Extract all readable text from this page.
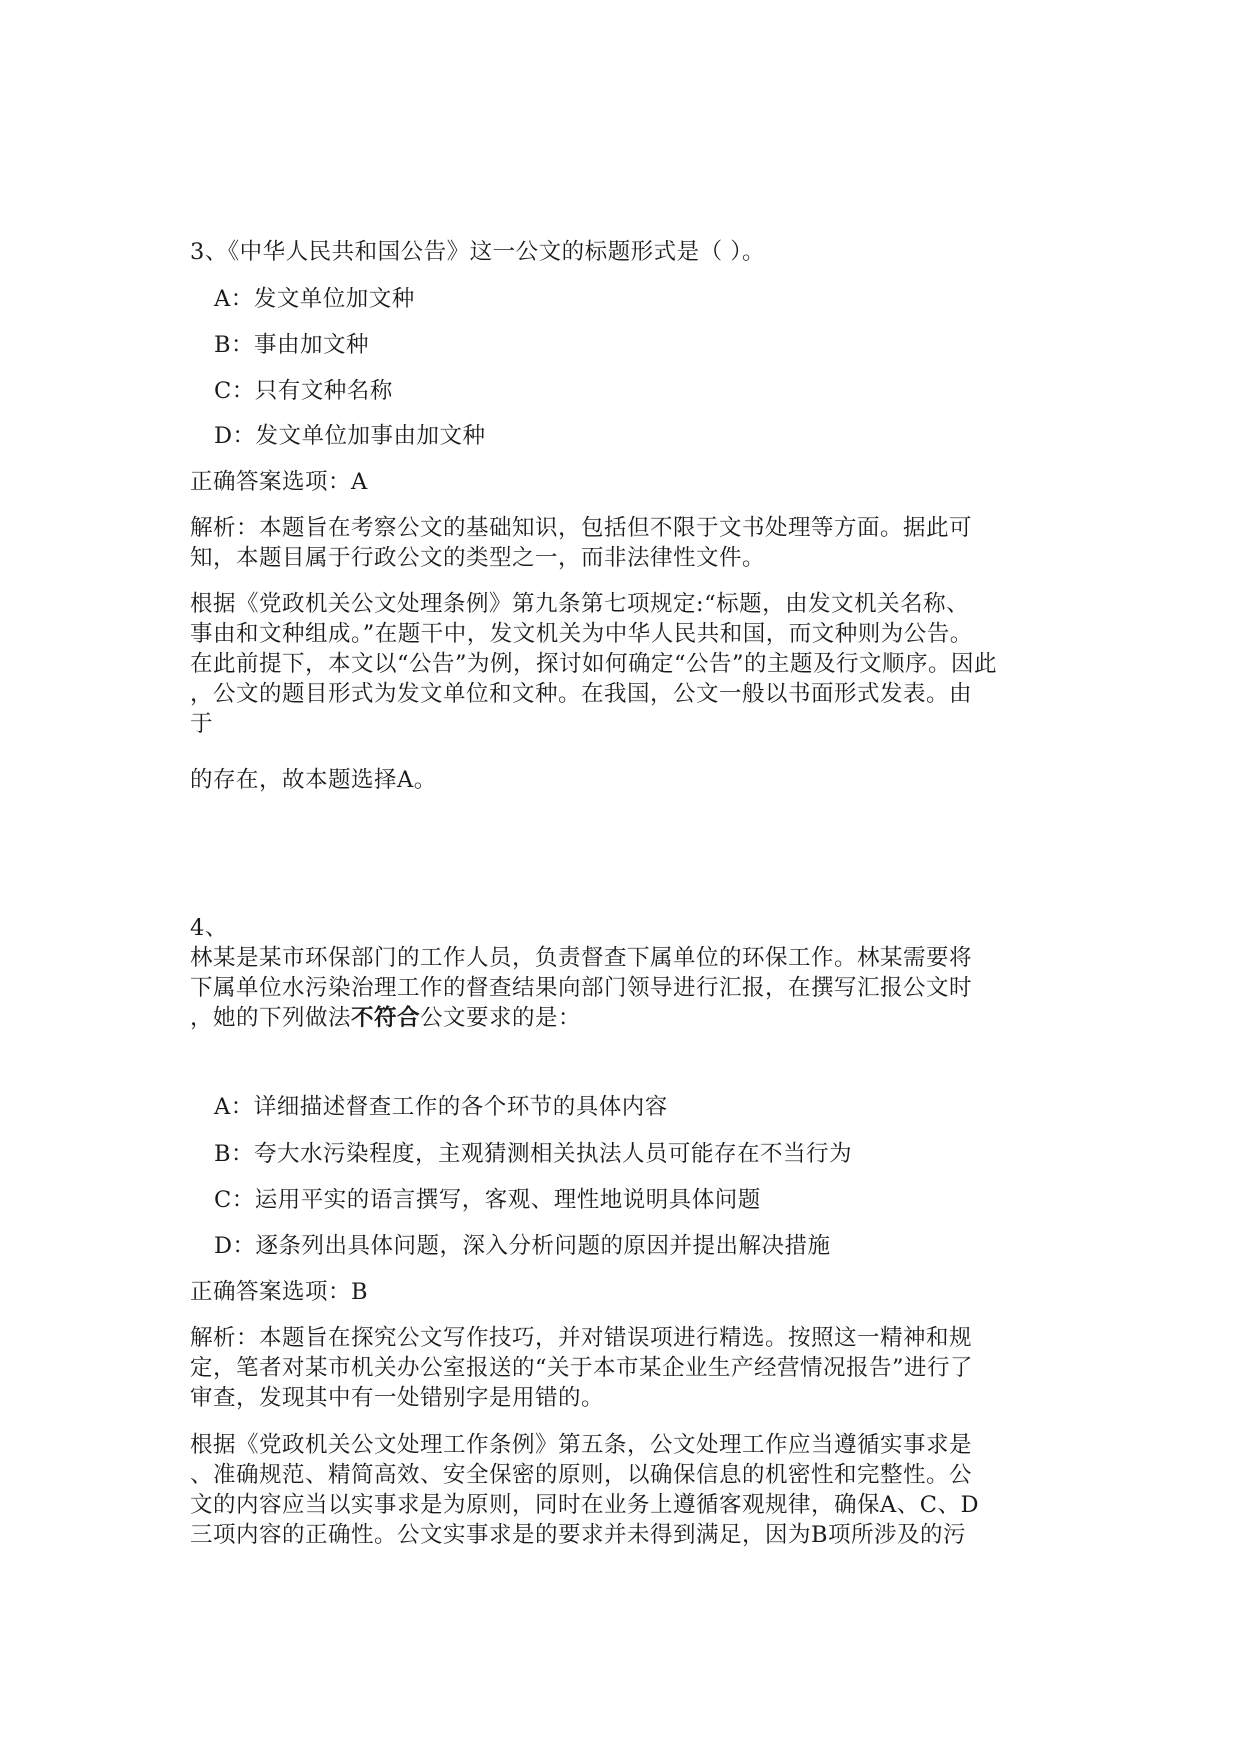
3、《中华人民共和国公告》这一公文的标题形式是（ ）。
A：发文单位加文种
B：事由加文种
C：只有文种名称
D：发文单位加事由加文种
正确答案选项：A
解析：本题旨在考察公文的基础知识，包括但不限于文书处理等方面。据此可
知，本题目属于行政公文的类型之一，而非法律性文件。
根据《党政机关公文处理条例》第九条第七项规定:“标题，由发文机关名称、
事由和文种组成。”在题干中，发文机关为中华人民共和国，而文种则为公告。
在此前提下，本文以“公告”为例，探讨如何确定“公告”的主题及行文顺序。因此
，公文的题目形式为发文单位和文种。在我国，公文一般以书面形式发表。由
于
的存在，故本题选择A。
4、
林某是某市环保部门的工作人员，负责督查下属单位的环保工作。林某需要将
下属单位水污染治理工作的督查结果向部门领导进行汇报，在撰写汇报公文时
，她的下列做法不符合公文要求的是：
A：详细描述督查工作的各个环节的具体内容
B：夸大水污染程度，主观猜测相关执法人员可能存在不当行为
C：运用平实的语言撰写，客观、理性地说明具体问题
D：逐条列出具体问题，深入分析问题的原因并提出解决措施
正确答案选项：B
解析：本题旨在探究公文写作技巧，并对错误项进行精选。按照这一精神和规
定，笔者对某市机关办公室报送的“关于本市某企业生产经营情况报告”进行了
审查，发现其中有一处错别字是用错的。
根据《党政机关公文处理工作条例》第五条，公文处理工作应当遵循实事求是
、准确规范、精简高效、安全保密的原则，以确保信息的机密性和完整性。公
文的内容应当以实事求是为原则，同时在业务上遵循客观规律，确保A、C、D
三项内容的正确性。公文实事求是的要求并未得到满足，因为B项所涉及的污
